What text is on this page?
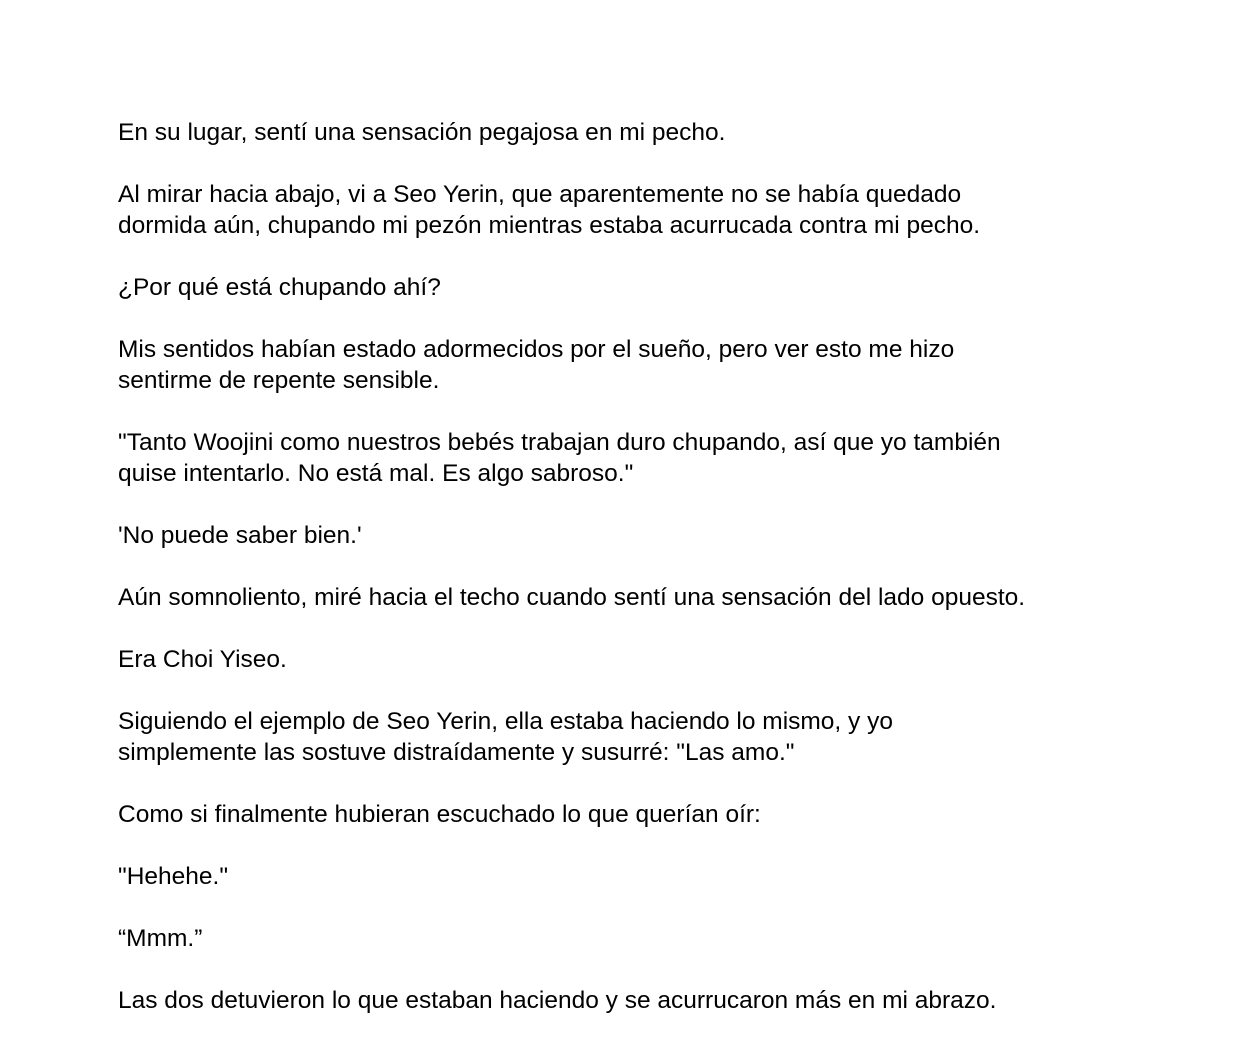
En su lugar, sentí una sensación pegajosa en mi pecho.

Al mirar hacia abajo, vi a Seo Yerin, que aparentemente no se había quedado
dormida aún, chupando mi pezón mientras estaba acurrucada contra mi pecho.

¿Por qué está chupando ahí?

Mis sentidos habían estado adormecidos por el sueño, pero ver esto me hizo
sentirme de repente sensible.

"Tanto Woojini como nuestros bebés trabajan duro chupando, así que yo también
quise intentarlo. No está mal. Es algo sabroso."

'No puede saber bien.'

Aún somnoliento, miré hacia el techo cuando sentí una sensación del lado opuesto.

Era Choi Yiseo.

Siguiendo el ejemplo de Seo Yerin, ella estaba haciendo lo mismo, y yo
simplemente las sostuve distraídamente y susurré: "Las amo."

Como si finalmente hubieran escuchado lo que querían oír:

"Hehehe."

“Mmm.”

Las dos detuvieron lo que estaban haciendo y se acurrucaron más en mi abrazo.
